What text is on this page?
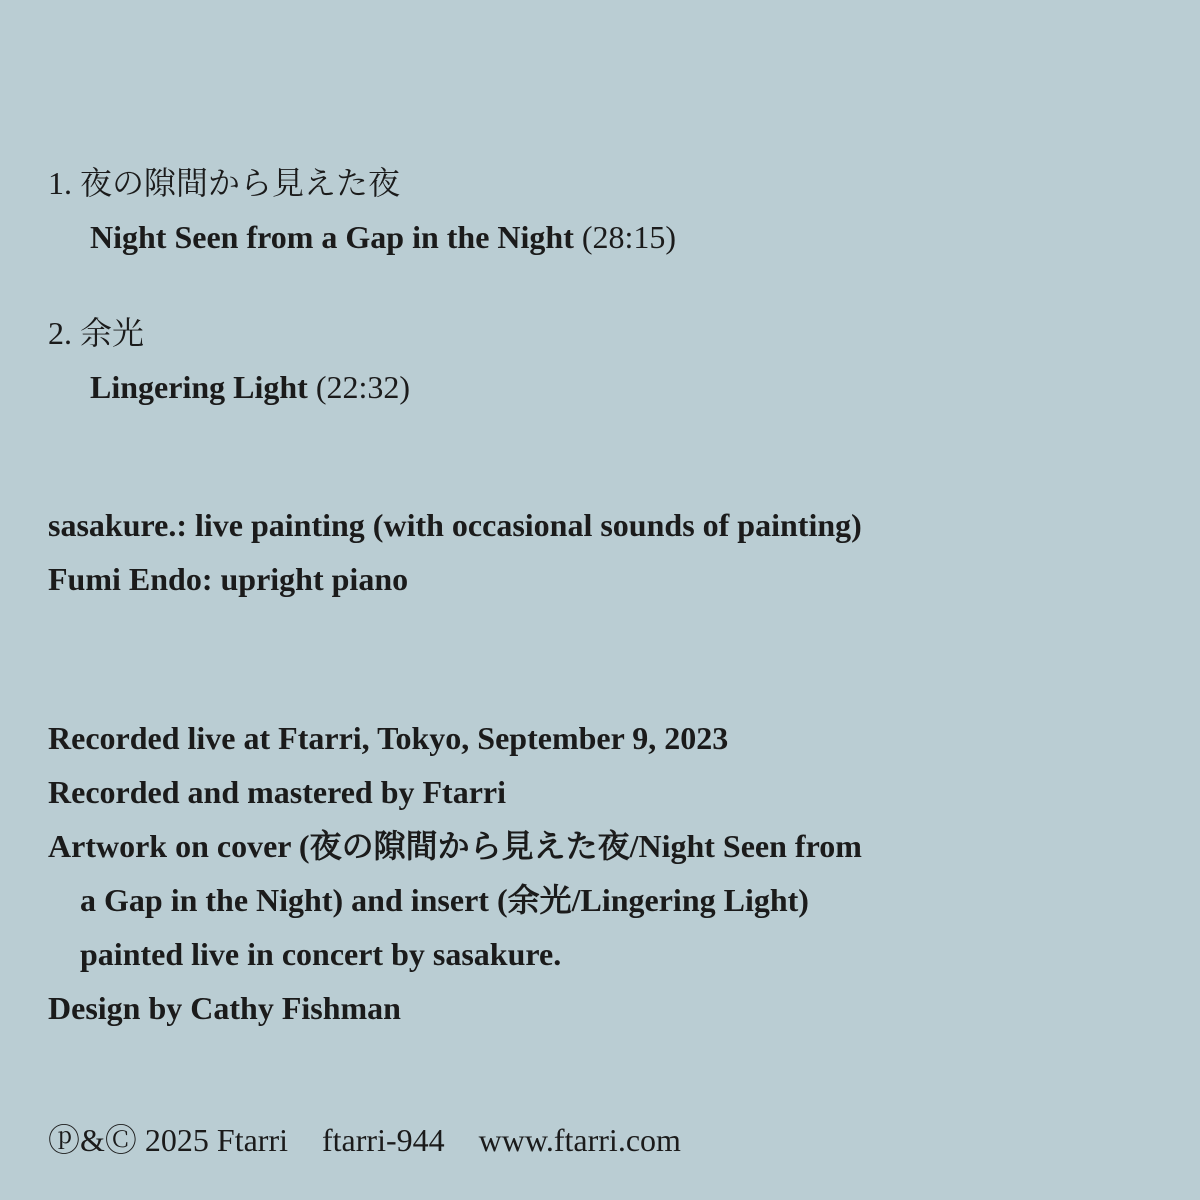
1. 夜の隙間から見えた夜
Night Seen from a Gap in the Night (28:15)
2. 余光
Lingering Light (22:32)
sasakure.: live painting (with occasional sounds of painting)
Fumi Endo: upright piano
Recorded live at Ftarri, Tokyo, September 9, 2023
Recorded and mastered by Ftarri
Artwork on cover (夜の隙間から見えた夜/Night Seen from
a Gap in the Night) and insert (余光/Lingering Light)
painted live in concert by sasakure.
Design by Cathy Fishman
ⓟ&Ⓒ 2025 Ftarri ftarri-944 www.ftarri.com
